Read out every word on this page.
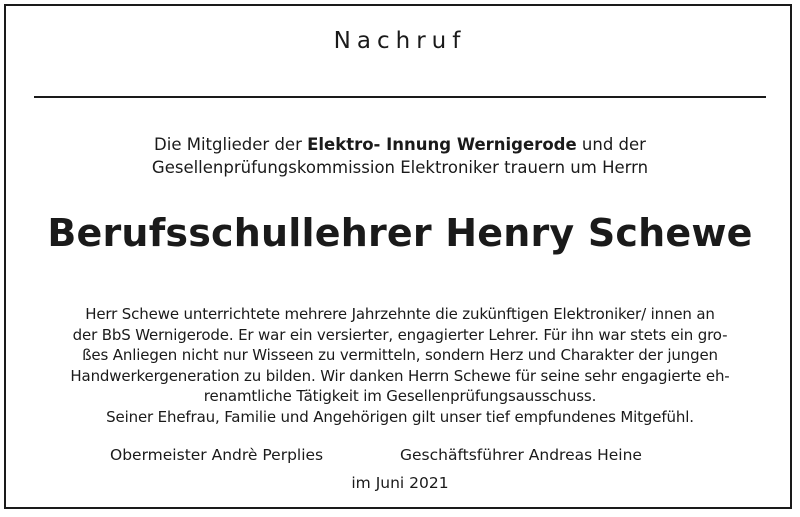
Nachruf
Die Mitglieder der Elektro- Innung Wernigerode und der
Gesellenprüfungskommission Elektroniker trauern um Herrn
Berufsschullehrer Henry Schewe
Herr Schewe unterrichtete mehrere Jahrzehnte die zukünftigen Elektroniker/ innen an
der BbS Wernigerode. Er war ein versierter, engagierter Lehrer. Für ihn war stets ein gro-
ßes Anliegen nicht nur Wisseen zu vermitteln, sondern Herz und Charakter der jungen
Handwerkergeneration zu bilden. Wir danken Herrn Schewe für seine sehr engagierte eh-
renamtliche Tätigkeit im Gesellenprüfungsausschuss.
Seiner Ehefrau, Familie und Angehörigen gilt unser tief empfundenes Mitgefühl.
Obermeister Andrè Perplies	Geschäftsführer Andreas Heine
im Juni 2021
